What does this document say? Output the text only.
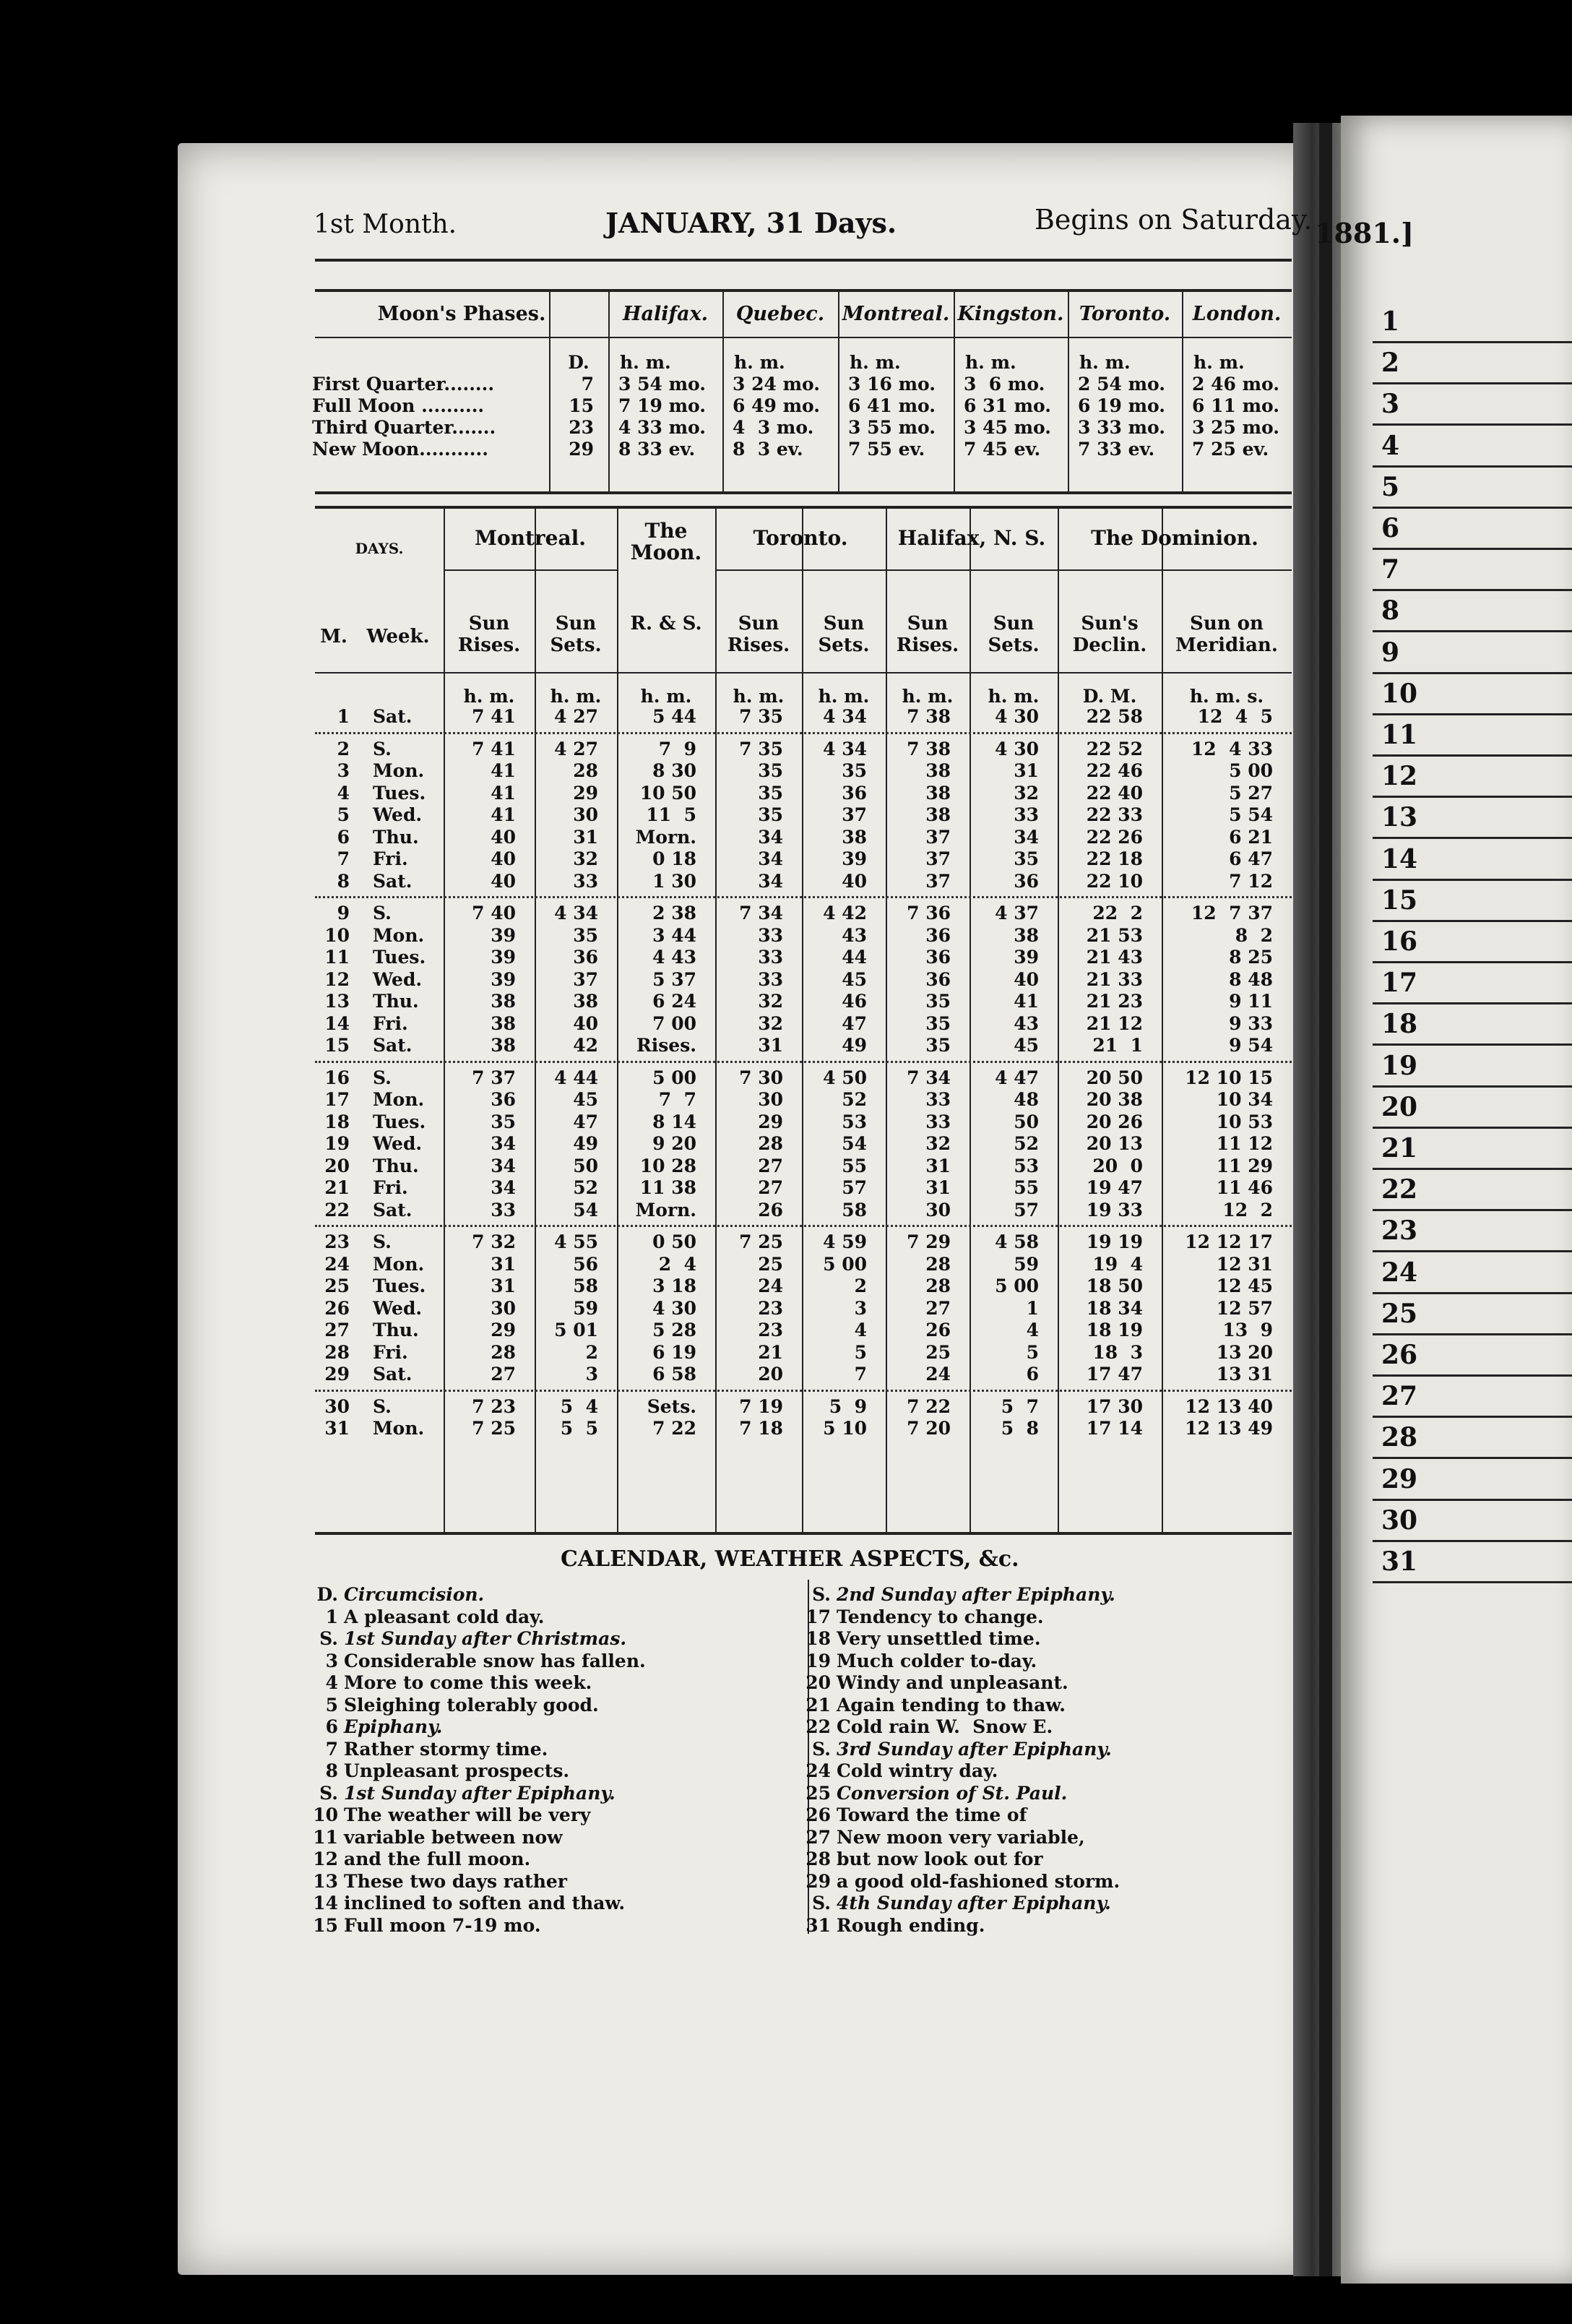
1st Month.	JANUARY, 31 Days.	Begins on Saturday. 1881.]
Moon's Phases.	Halifax.	Quebec. Montreal. Kingston. Toronto.	London.
D.	h. m.	h. m.	h. m.	h. m.	h. m.	h. m.
First Quarter........	7 3 54 mo. 3 24 mo. 3 16 mo. 3  6 mo. 2 54 mo. 2 46 mo.
Full Moon ..........	15 7 19 mo. 6 49 mo. 6 41 mo. 6 31 mo. 6 19 mo. 6 11 mo.
Third Quarter.......	23 4 33 mo. 4  3 mo. 3 55 mo. 3 45 mo. 3 33 mo. 3 25 mo.
New Moon...........	29 8 33 ev. 8  3 ev. 7 55 ev. 7 45 ev. 7 33 ev. 7 25 ev.
DAYS.	Montreal.	The Moon.
Toronto.	Halifax, N. S.	The Dominion.
M.	Week.
Sun Rises.
Sun Sets.
R. & S.	Sun Rises.
Sun Sets.
Sun Rises.
Sun Sets.
Sun's Declin.
Sun on Meridian.
h. m.	h. m.	h. m.	h. m.	h. m.	h. m.	h. m.	D. M.	h. m. s.
1 Sat.	7 41	4 27	5 44	7 35	4 34	7 38	4 30	22 58	12  4  5
2 S.	7 41	4 27	7  9	7 35	4 34	7 38	4 30	22 52	12  4 33
3 Mon.	41	28	8 30	35	35	38	31	22 46	5 00
4 Tues.	41	29	10 50	35	36	38	32	22 40	5 27
5 Wed.	41	30	11  5	35	37	38	33	22 33	5 54
6 Thu.	40	31	Morn.	34	38	37	34	22 26	6 21
7 Fri.	40	32	0 18	34	39	37	35	22 18	6 47
8 Sat.	40	33	1 30	34	40	37	36	22 10	7 12
9 S.	7 40	4 34	2 38	7 34	4 42	7 36	4 37	22  2	12  7 37
10 Mon.	39	35	3 44	33	43	36	38	21 53	8  2
11 Tues.	39	36	4 43	33	44	36	39	21 43	8 25
12 Wed.	39	37	5 37	33	45	36	40	21 33	8 48
13 Thu.	38	38	6 24	32	46	35	41	21 23	9 11
14 Fri.	38	40	7 00	32	47	35	43	21 12	9 33
15 Sat.	38	42	Rises.	31	49	35	45	21  1	9 54
16 S.	7 37	4 44	5 00	7 30	4 50	7 34	4 47	20 50	12 10 15
17 Mon.	36	45	7  7	30	52	33	48	20 38	10 34
18 Tues.	35	47	8 14	29	53	33	50	20 26	10 53
19 Wed.	34	49	9 20	28	54	32	52	20 13	11 12
20 Thu.	34	50	10 28	27	55	31	53	20  0	11 29
21 Fri.	34	52	11 38	27	57	31	55	19 47	11 46
22 Sat.	33	54	Morn.	26	58	30	57	19 33	12  2
23 S.	7 32	4 55	0 50	7 25	4 59	7 29	4 58	19 19	12 12 17
24 Mon.	31	56	2  4	25	5 00	28	59	19  4	12 31
25 Tues.	31	58	3 18	24	2	28	5 00	18 50	12 45
26 Wed.	30	59	4 30	23	3	27	1	18 34	12 57
27 Thu.	29	5 01	5 28	23	4	26	4	18 19	13  9
28 Fri.	28	2	6 19	21	5	25	5	18  3	13 20
29 Sat.	27	3	6 58	20	7	24	6	17 47	13 31
30 S.	7 23	5  4	Sets.	7 19	5  9	7 22	5  7	17 30	12 13 40
31 Mon.	7 25	5  5	7 22	7 18	5 10	7 20	5  8	17 14	12 13 49
CALENDAR, WEATHER ASPECTS, &c.
D. Circumcision.
1 A pleasant cold day.
S. 1st Sunday after Christmas.
3 Considerable snow has fallen.
4 More to come this week.
5 Sleighing tolerably good.
6 Epiphany.
7 Rather stormy time.
8 Unpleasant prospects.
S. 1st Sunday after Epiphany.
10 The weather will be very
11 variable between now
12 and the full moon.
13 These two days rather
14 inclined to soften and thaw.
15 Full moon 7-19 mo.
S. 2nd Sunday after Epiphany.
17 Tendency to change.
18 Very unsettled time.
19 Much colder to-day.
20 Windy and unpleasant.
21 Again tending to thaw.
22 Cold rain W.  Snow E.
S. 3rd Sunday after Epiphany.
24 Cold wintry day.
25 Conversion of St. Paul.
26 Toward the time of
27 New moon very variable,
28 but now look out for
29 a good old-fashioned storm.
S. 4th Sunday after Epiphany.
31 Rough ending.
1
2
3
4
5
6
7
8
9
10
11
12
13
14
15
16
17
18
19
20
21
22
23
24
25
26
27
28
29
30
31
